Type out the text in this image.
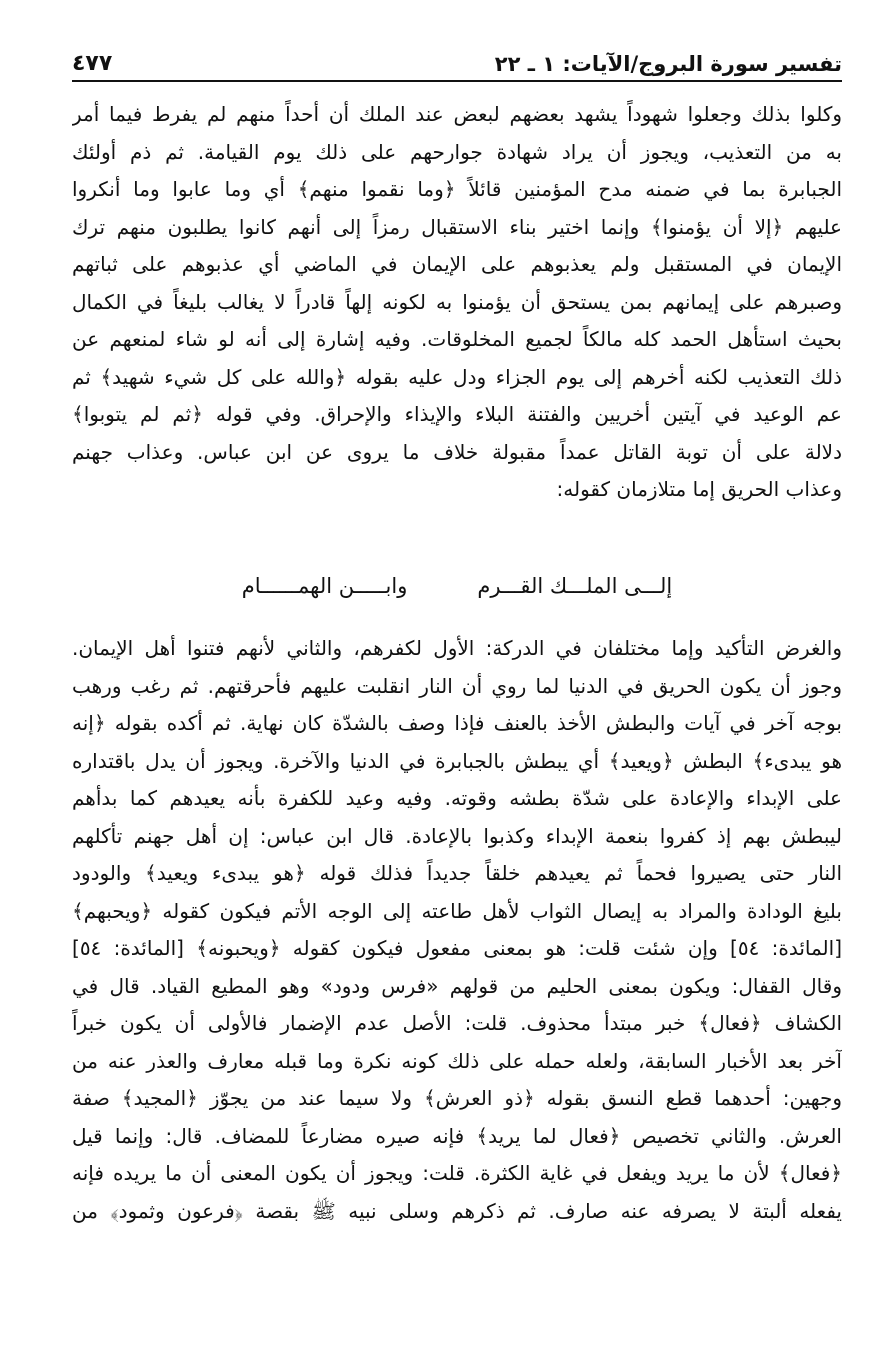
٤٧٧	تفسير سورة البروج/الآيات: ١ ـ ٢٢
وكلوا بذلك وجعلوا شهوداً يشهد بعضهم لبعض عند الملك أن أحداً منهم لم يفرط فيما أمر
به من التعذيب، ويجوز أن يراد شهادة جوارحهم على ذلك يوم القيامة. ثم ذم أولئك
الجبابرة بما في ضمنه مدح المؤمنين قائلاً ﴿وما نقموا منهم﴾ أي وما عابوا وما أنكروا
عليهم ﴿إلا أن يؤمنوا﴾ وإنما اختير بناء الاستقبال رمزاً إلى أنهم كانوا يطلبون منهم ترك
الإيمان في المستقبل ولم يعذبوهم على الإيمان في الماضي أي عذبوهم على ثباتهم
وصبرهم على إيمانهم بمن يستحق أن يؤمنوا به لكونه إلهاً قادراً لا يغالب بليغاً في الكمال
بحيث استأهل الحمد كله مالكاً لجميع المخلوقات. وفيه إشارة إلى أنه لو شاء لمنعهم عن
ذلك التعذيب لكنه أخرهم إلى يوم الجزاء ودل عليه بقوله ﴿والله على كل شيء شهيد﴾ ثم
عم الوعيد في آيتين أخريين والفتنة البلاء والإيذاء والإحراق. وفي قوله ﴿ثم لم يتوبوا﴾
دلالة على أن توبة القاتل عمداً مقبولة خلاف ما يروى عن ابن عباس. وعذاب جهنم
وعذاب الحريق إما متلازمان كقوله:
إلـــى الملـــك القـــرم
وابـــــن الهمــــــام
والغرض التأكيد وإما مختلفان في الدركة: الأول لكفرهم، والثاني لأنهم فتنوا أهل الإيمان.
وجوز أن يكون الحريق في الدنيا لما روي أن النار انقلبت عليهم فأحرقتهم. ثم رغب ورهب
بوجه آخر في آيات والبطش الأخذ بالعنف فإذا وصف بالشدّة كان نهاية. ثم أكده بقوله ﴿إنه
هو يبدىء﴾ البطش ﴿ويعيد﴾ أي يبطش بالجبابرة في الدنيا والآخرة. ويجوز أن يدل باقتداره
على الإبداء والإعادة على شدّة بطشه وقوته. وفيه وعيد للكفرة بأنه يعيدهم كما بدأهم
ليبطش بهم إذ كفروا بنعمة الإبداء وكذبوا بالإعادة. قال ابن عباس: إن أهل جهنم تأكلهم
النار حتى يصيروا فحماً ثم يعيدهم خلقاً جديداً فذلك قوله ﴿هو يبدىء ويعيد﴾ والودود
بليغ الودادة والمراد به إيصال الثواب لأهل طاعته إلى الوجه الأتم فيكون كقوله ﴿ويحبهم﴾
[المائدة: ٥٤] وإن شئت قلت: هو بمعنى مفعول فيكون كقوله ﴿ويحبونه﴾ [المائدة: ٥٤]
وقال القفال: ويكون بمعنى الحليم من قولهم «فرس ودود» وهو المطيع القياد. قال في
الكشاف ﴿فعال﴾ خبر مبتدأ محذوف. قلت: الأصل عدم الإضمار فالأولى أن يكون خبراً
آخر بعد الأخبار السابقة، ولعله حمله على ذلك كونه نكرة وما قبله معارف والعذر عنه من
وجهين: أحدهما قطع النسق بقوله ﴿ذو العرش﴾ ولا سيما عند من يجوّز ﴿المجيد﴾ صفة
العرش. والثاني تخصيص ﴿فعال لما يريد﴾ فإنه صيره مضارعاً للمضاف. قال: وإنما قيل
﴿فعال﴾ لأن ما يريد ويفعل في غاية الكثرة. قلت: ويجوز أن يكون المعنى أن ما يريده فإنه
يفعله ألبتة لا يصرفه عنه صارف. ثم ذكرهم وسلى نبيه ﷺ بقصة ﴿فرعون وثمود﴾ من
